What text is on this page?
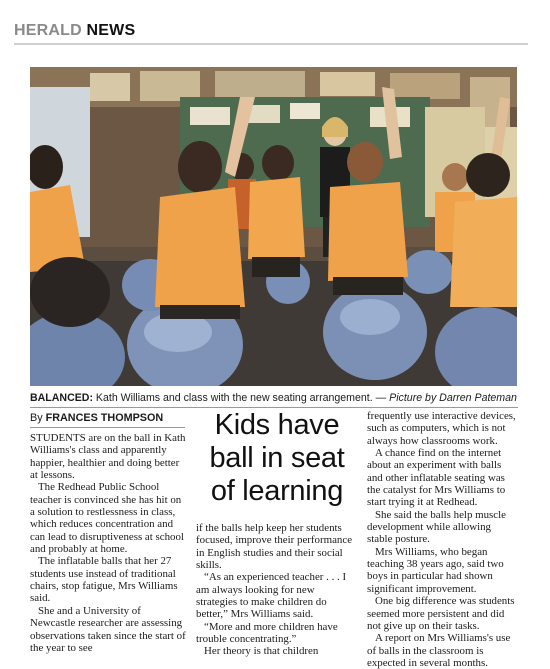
HERALD NEWS
BALANCED: Kath Williams and class with the new seating arrangement. — Picture by Darren Pateman
By FRANCES THOMPSON

STUDENTS are on the ball in Kath Williams's class and apparently happier, healthier and doing better at lessons.

The Redhead Public School teacher is convinced she has hit on a solution to restlessness in class, which reduces concentration and can lead to disruptiveness at school and probably at home.

The inflatable balls that her 27 students use instead of traditional chairs, stop fatigue, Mrs Williams said.

She and a University of Newcastle researcher are assessing observations taken since the start of the year to see

Kids have
ball in seat
of learning

if the balls help keep her students focused, improve their performance in English studies and their social skills.

“As an experienced teacher . . . I am always looking for new strategies to make children do better,” Mrs Williams said.

“More and more children have trouble concentrating.”

Her theory is that children

frequently use interactive devices, such as computers, which is not always how classrooms work.

A chance find on the internet about an experiment with balls and other inflatable seating was the catalyst for Mrs Williams to start trying it at Redhead.

She said the balls help muscle development while allowing stable posture.

Mrs Williams, who began teaching 38 years ago, said two boys in particular had shown significant improvement.

One big difference was students seemed more persistent and did not give up on their tasks.

A report on Mrs Williams's use of balls in the classroom is expected in several months.
